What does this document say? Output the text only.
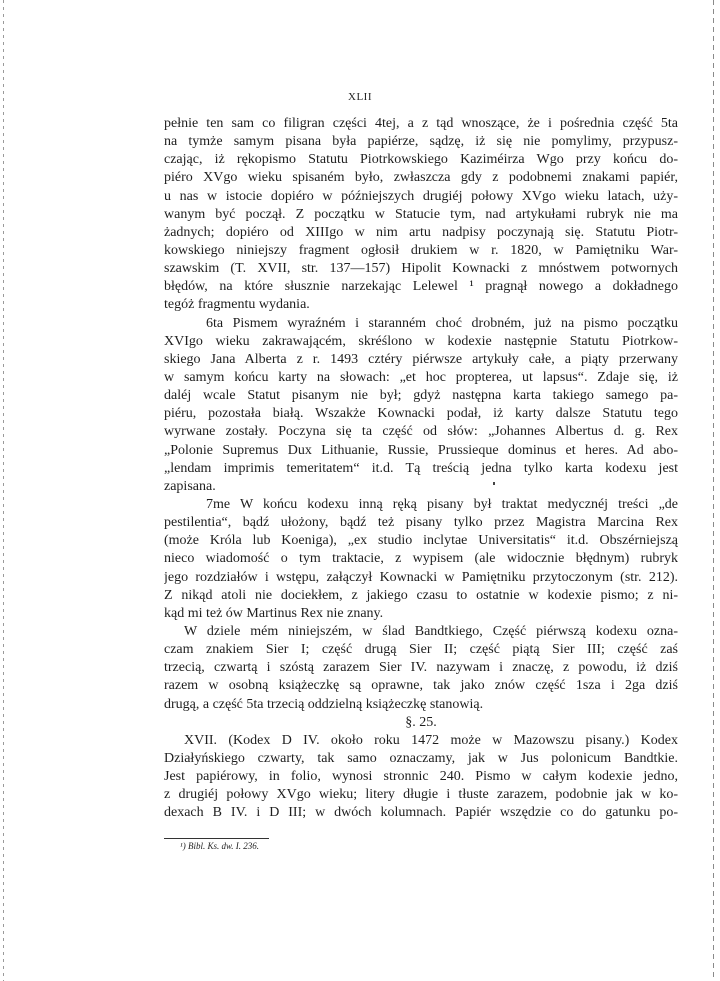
XLII
pełnie ten sam co filigran części 4tej, a z tąd wnoszące, że i pośrednia część 5ta
na tymże samym pisana była papiérze, sądzę, iż się nie pomylimy, przypusz-
czając, iż rękopismo Statutu Piotrkowskiego Kaziméirza Wgo przy końcu do-
piéro XVgo wieku spisaném było, zwłaszcza gdy z podobnemi znakami papiér,
u nas w istocie dopiéro w późniejszych drugiéj połowy XVgo wieku latach, uży-
wanym być począł. Z początku w Statucie tym, nad artykułami rubryk nie ma
żadnych; dopiéro od XIIIgo w nim artu nadpisy poczynają się. Statutu Piotr-
kowskiego niniejszy fragment ogłosił drukiem w r. 1820, w Pamiętniku War-
szawskim (T. XVII, str. 137—157) Hipolit Kownacki z mnóstwem potwornych
błędów, na które słusznie narzekając Lelewel ¹ pragnął nowego a dokładnego
tegóż fragmentu wydania.
6ta Pismem wyraźném i staranném choć drobném, już na pismo początku
XVIgo wieku zakrawającém, skréślono w kodexie następnie Statutu Piotrkow-
skiego Jana Alberta z r. 1493 cztéry piérwsze artykuły całe, a piąty przerwany
w samym końcu karty na słowach: „et hoc propterea, ut lapsus“. Zdaje się, iż
daléj wcale Statut pisanym nie był; gdyż następna karta takiego samego pa-
piéru, pozostała białą. Wszakże Kownacki podał, iż karty dalsze Statutu tego
wyrwane zostały. Poczyna się ta część od słów: „Johannes Albertus d. g. Rex
„Polonie Supremus Dux Lithuanie, Russie, Prussieque dominus et heres. Ad abo-
„lendam imprimis temeritatem“ it.d. Tą treścią jedna tylko karta kodexu jest
zapisana.
7me W końcu kodexu inną ręką pisany był traktat medycznéj treści „de
pestilentia“, bądź ułożony, bądź też pisany tylko przez Magistra Marcina Rex
(może Króla lub Koeniga), „ex studio inclytae Universitatis“ it.d. Obszérniejszą
nieco wiadomość o tym traktacie, z wypisem (ale widocznie błędnym) rubryk
jego rozdziałów i wstępu, załączył Kownacki w Pamiętniku przytoczonym (str. 212).
Z nikąd atoli nie dociekłem, z jakiego czasu to ostatnie w kodexie pismo; z ni-
kąd mi też ów Martinus Rex nie znany.
W dziele mém niniejszém, w ślad Bandtkiego, Część piérwszą kodexu ozna-
czam znakiem Sier I; część drugą Sier II; część piątą Sier III; część zaś
trzecią, czwartą i szóstą zarazem Sier IV. nazywam i znaczę, z powodu, iż dziś
razem w osobną książeczkę są oprawne, tak jako znów część 1sza i 2ga dziś
drugą, a część 5ta trzecią oddzielną książeczkę stanowią.
§. 25.
XVII. (Kodex D IV. około roku 1472 może w Mazowszu pisany.) Kodex
Działyńskiego czwarty, tak samo oznaczamy, jak w Jus polonicum Bandtkie.
Jest papiérowy, in folio, wynosi stronnic 240. Pismo w całym kodexie jedno,
z drugiéj połowy XVgo wieku; litery długie i tłuste zarazem, podobnie jak w ko-
dexach B IV. i D III; w dwóch kolumnach. Papiér wszędzie co do gatunku po-
¹) Bibl. Ks. dw. I. 236.
